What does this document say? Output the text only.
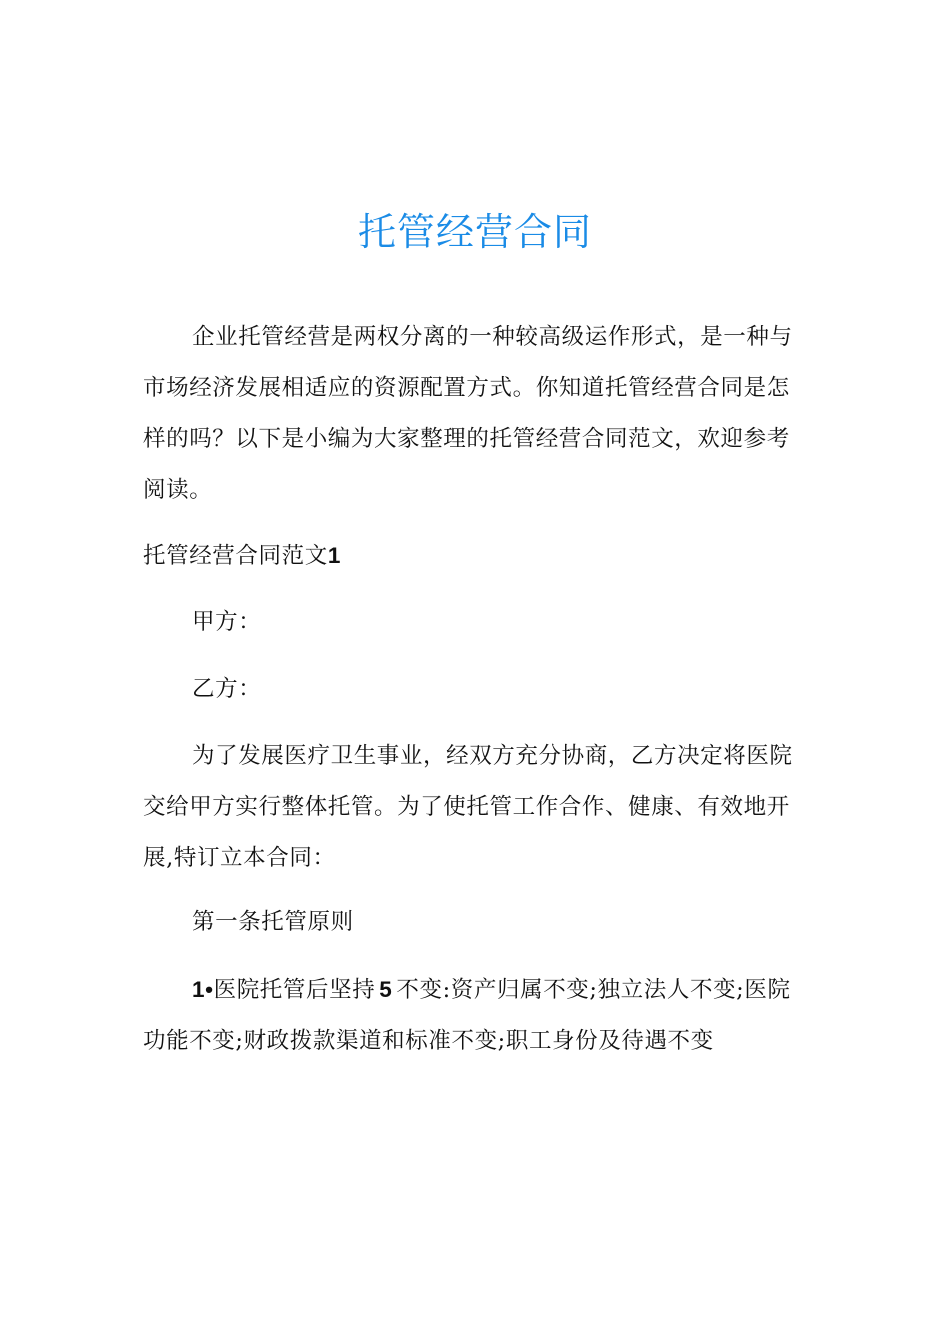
托管经营合同

企业托管经营是两权分离的一种较高级运作形式，是一种与
市场经济发展相适应的资源配置方式。你知道托管经营合同是怎
样的吗？以下是小编为大家整理的托管经营合同范文，欢迎参考
阅读。

托管经营合同范文1

甲方：

乙方：

为了发展医疗卫生事业，经双方充分协商，乙方决定将医院
交给甲方实行整体托管。为了使托管工作合作、健康、有效地开
展,特订立本合同：

第一条托管原则

1•医院托管后坚持 5 不变:资产归属不变;独立法人不变;医院
功能不变;财政拨款渠道和标准不变;职工身份及待遇不变
